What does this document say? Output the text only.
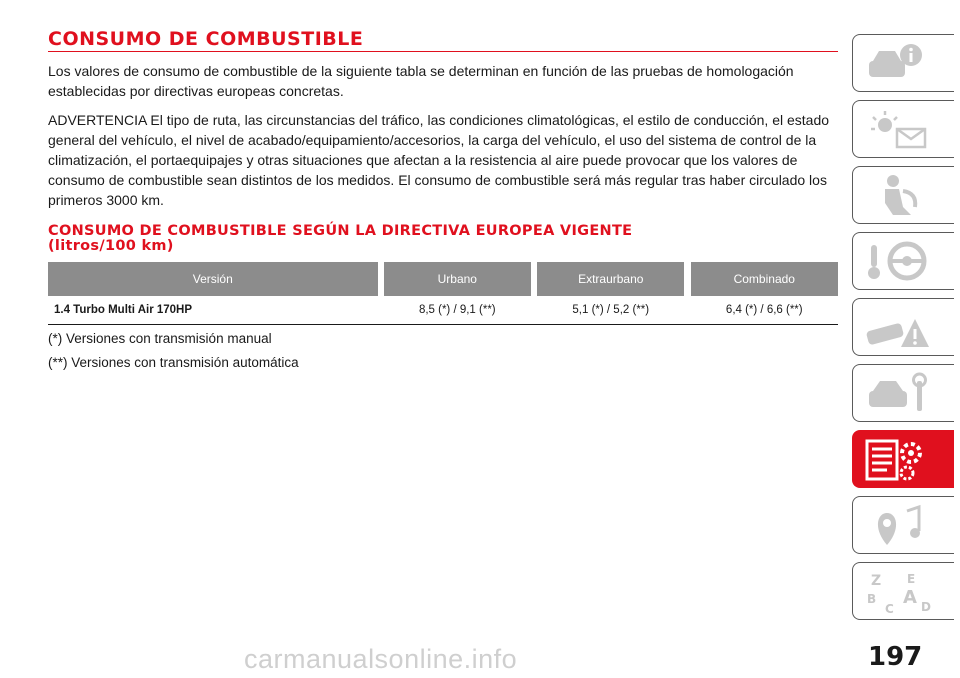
CONSUMO DE COMBUSTIBLE

Los valores de consumo de combustible de la siguiente tabla se determinan en función de las pruebas de homologación establecidas por directivas europeas concretas.

ADVERTENCIA El tipo de ruta, las circunstancias del tráfico, las condiciones climatológicas, el estilo de conducción, el estado general del vehículo, el nivel de acabado/equipamiento/accesorios, la carga del vehículo, el uso del sistema de control de la climatización, el portaequipajes y otras situaciones que afectan a la resistencia al aire puede provocar que los valores de consumo de combustible sean distintos de los medidos. El consumo de combustible será más regular tras haber circulado los primeros 3000 km.

CONSUMO DE COMBUSTIBLE SEGÚN LA DIRECTIVA EUROPEA VIGENTE
(litros/100 km)
Versión		Urbano		Extraurbano		Combinado
1.4 Turbo Multi Air 170HP		8,5 (*) / 9,1 (**)		5,1 (*) / 5,2 (**)		6,4 (*) / 6,6 (**)

(*) Versiones con transmisión manual

(**) Versiones con transmisión automática

Z E
B A
C D
197
carmanualsonline.info
